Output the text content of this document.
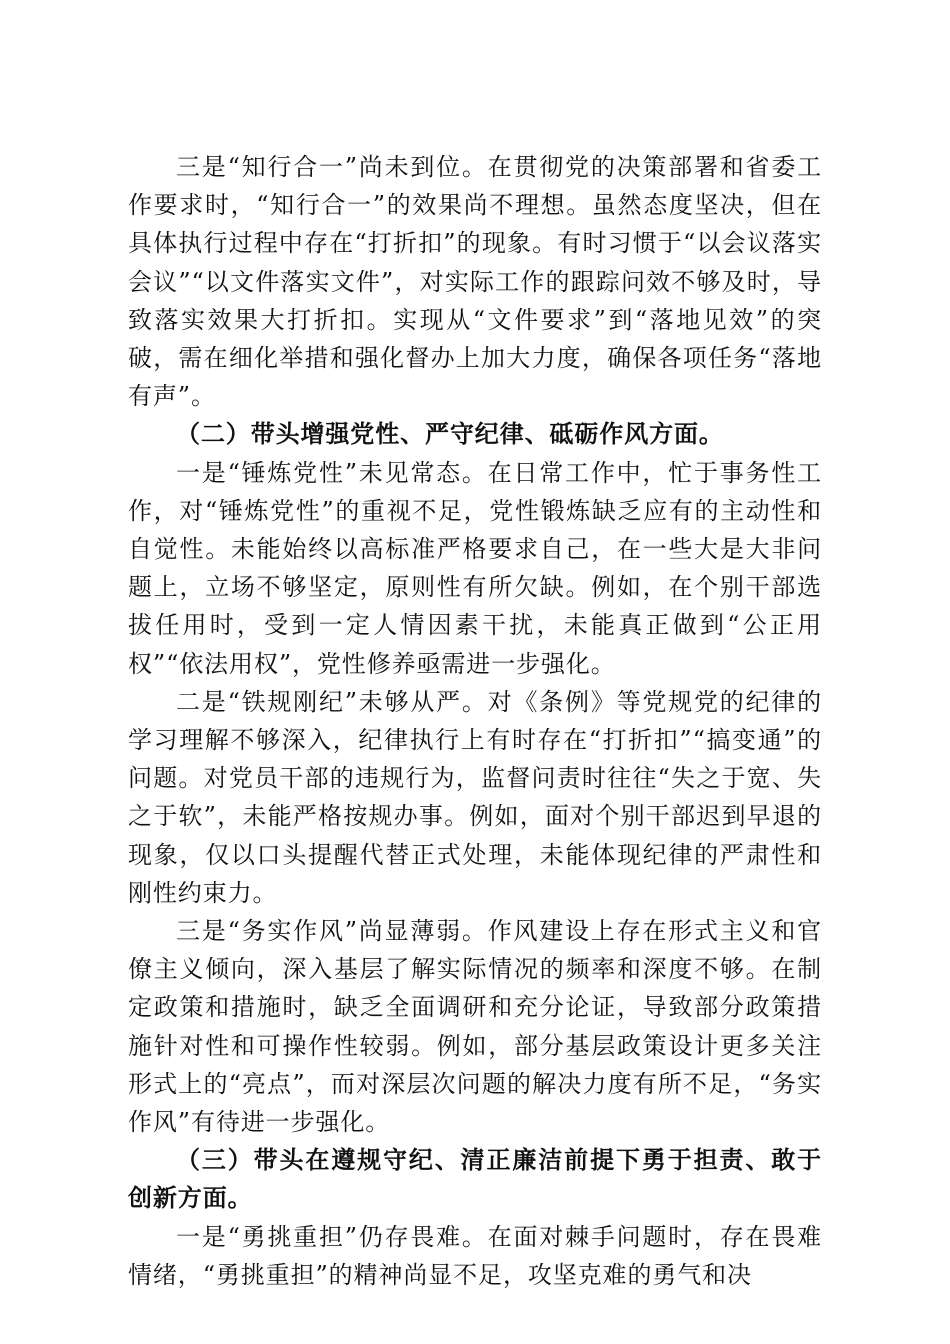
三是“知行合一”尚未到位。在贯彻党的决策部署和省委工作要求时，“知行合一”的效果尚不理想。虽然态度坚决，但在具体执行过程中存在“打折扣”的现象。有时习惯于“以会议落实会议”“以文件落实文件”，对实际工作的跟踪问效不够及时，导致落实效果大打折扣。实现从“文件要求”到“落地见效”的突破，需在细化举措和强化督办上加大力度，确保各项任务“落地有声”。

（二）带头增强党性、严守纪律、砥砺作风方面。

一是“锤炼党性”未见常态。在日常工作中，忙于事务性工作，对“锤炼党性”的重视不足，党性锻炼缺乏应有的主动性和自觉性。未能始终以高标准严格要求自己，在一些大是大非问题上，立场不够坚定，原则性有所欠缺。例如，在个别干部选拔任用时，受到一定人情因素干扰，未能真正做到“公正用权”“依法用权”，党性修养亟需进一步强化。

二是“铁规刚纪”未够从严。对《条例》等党规党的纪律的学习理解不够深入，纪律执行上有时存在“打折扣”“搞变通”的问题。对党员干部的违规行为，监督问责时往往“失之于宽、失之于软”，未能严格按规办事。例如，面对个别干部迟到早退的现象，仅以口头提醒代替正式处理，未能体现纪律的严肃性和刚性约束力。

三是“务实作风”尚显薄弱。作风建设上存在形式主义和官僚主义倾向，深入基层了解实际情况的频率和深度不够。在制定政策和措施时，缺乏全面调研和充分论证，导致部分政策措施针对性和可操作性较弱。例如，部分基层政策设计更多关注形式上的“亮点”，而对深层次问题的解决力度有所不足，“务实作风”有待进一步强化。

（三）带头在遵规守纪、清正廉洁前提下勇于担责、敢于创新方面。

一是“勇挑重担”仍存畏难。在面对棘手问题时，存在畏难情绪，“勇挑重担”的精神尚显不足，攻坚克难的勇气和决
